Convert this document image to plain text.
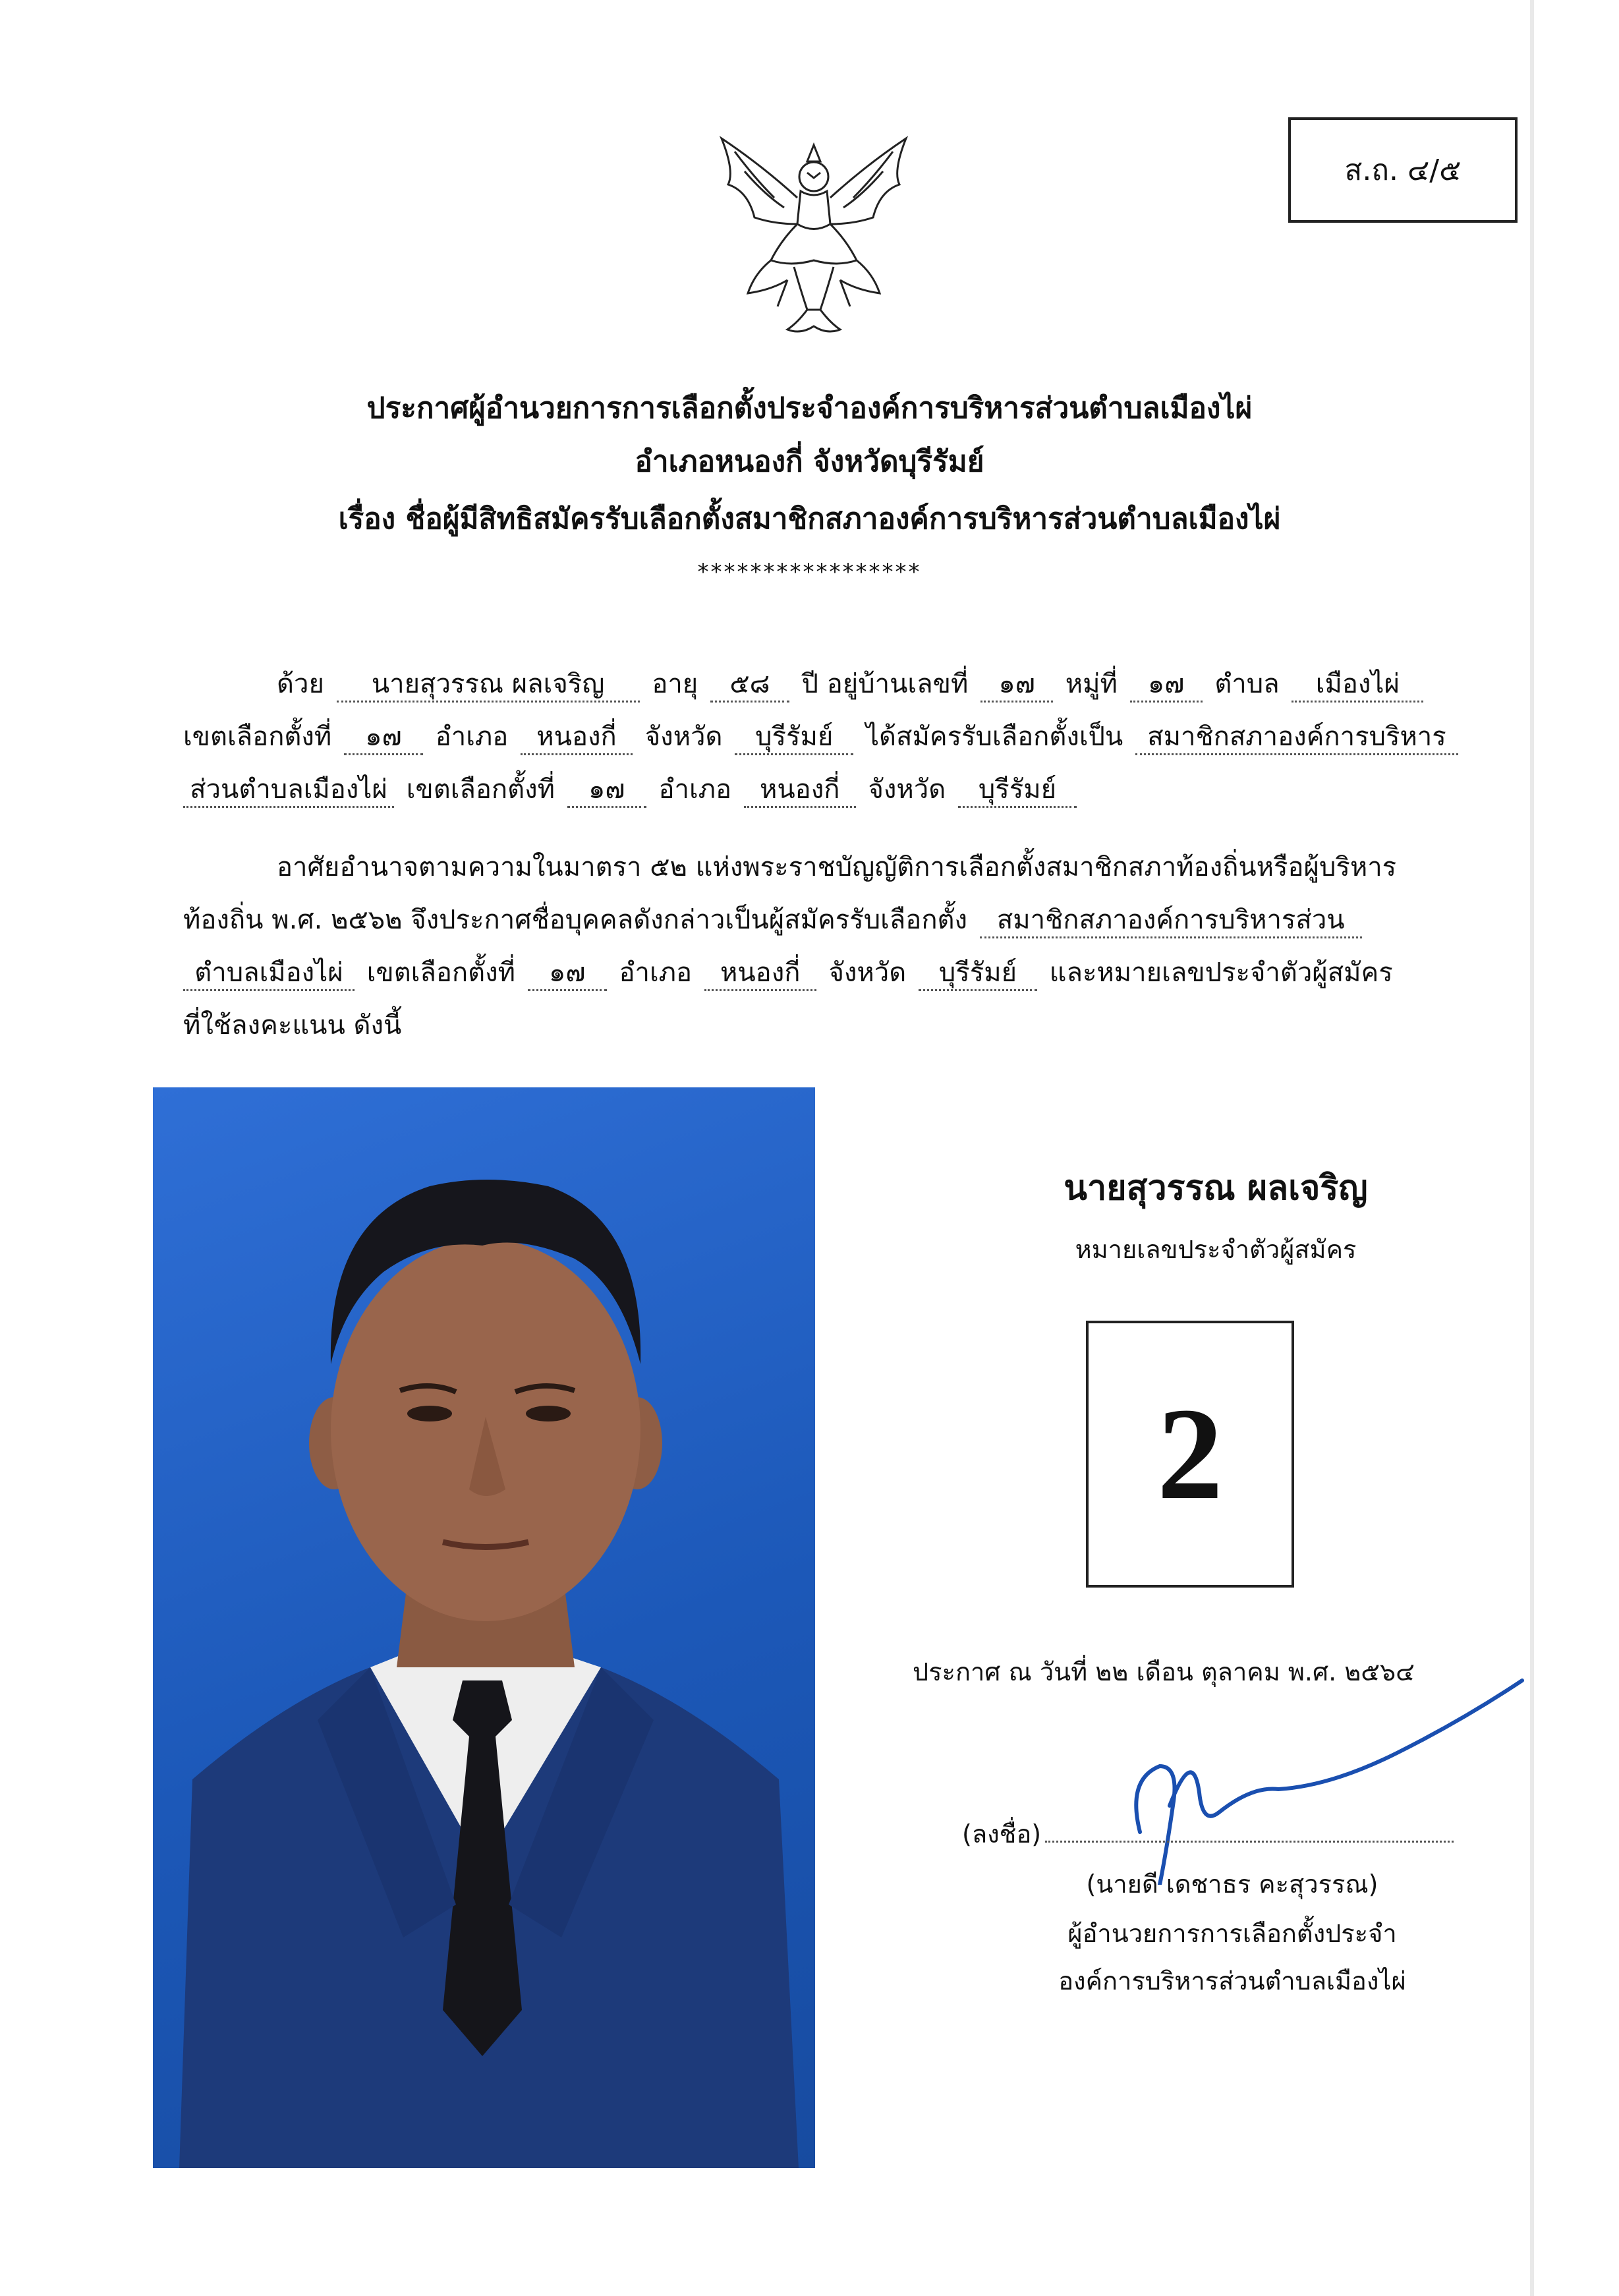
ส.ถ. ๔/๕
ประกาศผู้อำนวยการการเลือกตั้งประจำองค์การบริหารส่วนตำบลเมืองไผ่
อำเภอหนองกี่ จังหวัดบุรีรัมย์
เรื่อง ชื่อผู้มีสิทธิสมัครรับเลือกตั้งสมาชิกสภาองค์การบริหารส่วนตำบลเมืองไผ่
*****************
ด้วย นายสุวรรณ ผลเจริญ อายุ ๕๘ ปี อยู่บ้านเลขที่ ๑๗ หมู่ที่ ๑๗ ตำบล เมืองไผ่
เขตเลือกตั้งที่ ๑๗ อำเภอ หนองกี่ จังหวัด บุรีรัมย์ ได้สมัครรับเลือกตั้งเป็น สมาชิกสภาองค์การบริหาร
ส่วนตำบลเมืองไผ่ เขตเลือกตั้งที่ ๑๗ อำเภอ หนองกี่ จังหวัด บุรีรัมย์
อาศัยอำนาจตามความในมาตรา ๕๒ แห่งพระราชบัญญัติการเลือกตั้งสมาชิกสภาท้องถิ่นหรือผู้บริหาร
ท้องถิ่น พ.ศ. ๒๕๖๒ จึงประกาศชื่อบุคคลดังกล่าวเป็นผู้สมัครรับเลือกตั้ง สมาชิกสภาองค์การบริหารส่วน
ตำบลเมืองไผ่ เขตเลือกตั้งที่ ๑๗ อำเภอ หนองกี่ จังหวัด บุรีรัมย์ และหมายเลขประจำตัวผู้สมัคร
ที่ใช้ลงคะแนน ดังนี้
นายสุวรรณ ผลเจริญ
หมายเลขประจำตัวผู้สมัคร
2
ประกาศ ณ วันที่ ๒๒ เดือน ตุลาคม พ.ศ. ๒๕๖๔
(ลงชื่อ)
(นายดี เดชาธร คะสุวรรณ)
ผู้อำนวยการการเลือกตั้งประจำ
องค์การบริหารส่วนตำบลเมืองไผ่
